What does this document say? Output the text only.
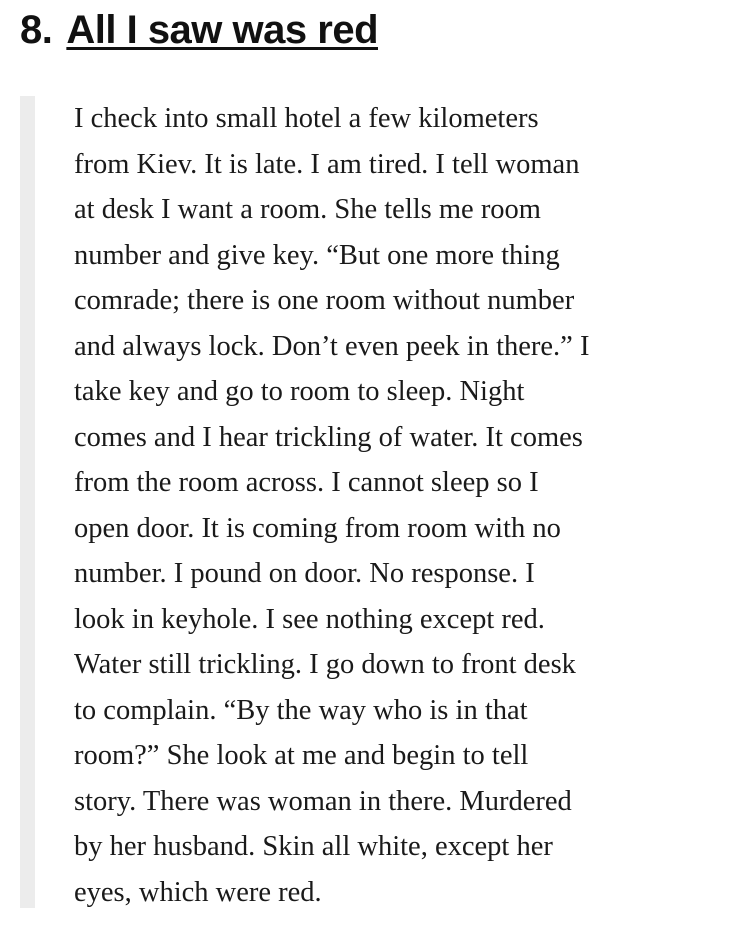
8. All I saw was red
I check into small hotel a few kilometers
from Kiev. It is late. I am tired. I tell woman
at desk I want a room. She tells me room
number and give key. “But one more thing
comrade; there is one room without number
and always lock. Don’t even peek in there.” I
take key and go to room to sleep. Night
comes and I hear trickling of water. It comes
from the room across. I cannot sleep so I
open door. It is coming from room with no
number. I pound on door. No response. I
look in keyhole. I see nothing except red.
Water still trickling. I go down to front desk
to complain. “By the way who is in that
room?” She look at me and begin to tell
story. There was woman in there. Murdered
by her husband. Skin all white, except her
eyes, which were red.
